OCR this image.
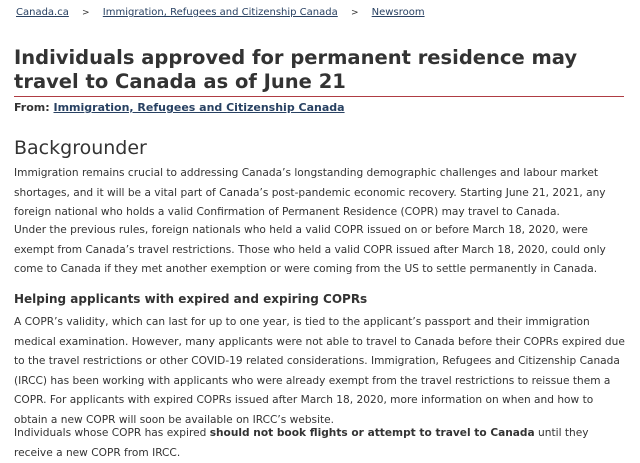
Canada.ca > Immigration, Refugees and Citizenship Canada > Newsroom
Individuals approved for permanent residence may travel to Canada as of June 21
From: Immigration, Refugees and Citizenship Canada
Backgrounder

Immigration remains crucial to addressing Canada’s longstanding demographic challenges and labour market shortages, and it will be a vital part of Canada’s post-pandemic economic recovery. Starting June 21, 2021, any foreign national who holds a valid Confirmation of Permanent Residence (COPR) may travel to Canada.

Under the previous rules, foreign nationals who held a valid COPR issued on or before March 18, 2020, were exempt from Canada’s travel restrictions. Those who held a valid COPR issued after March 18, 2020, could only come to Canada if they met another exemption or were coming from the US to settle permanently in Canada.

Helping applicants with expired and expiring COPRs

A COPR’s validity, which can last for up to one year, is tied to the applicant’s passport and their immigration medical examination. However, many applicants were not able to travel to Canada before their COPRs expired due to the travel restrictions or other COVID-19 related considerations. Immigration, Refugees and Citizenship Canada (IRCC) has been working with applicants who were already exempt from the travel restrictions to reissue them a COPR. For applicants with expired COPRs issued after March 18, 2020, more information on when and how to obtain a new COPR will soon be available on IRCC’s website.

Individuals whose COPR has expired should not book flights or attempt to travel to Canada until they receive a new COPR from IRCC.
